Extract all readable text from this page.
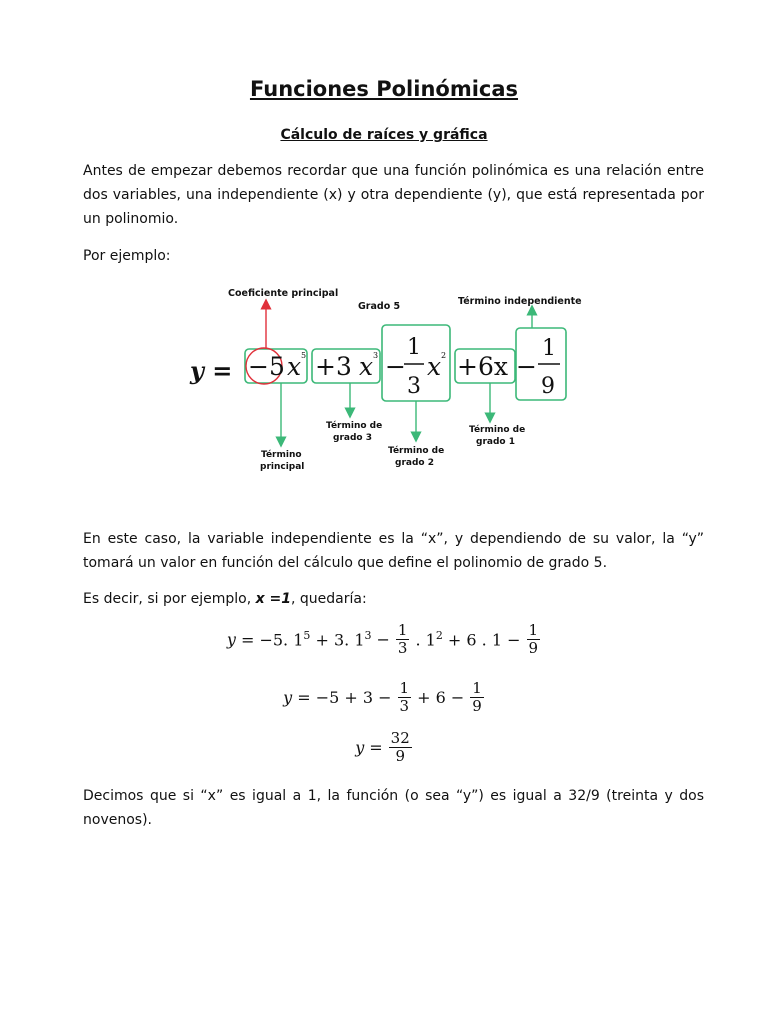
Funciones Polinómicas
Cálculo de raíces y gráfica
Antes de empezar debemos recordar que una función polinómica es una relación entre dos variables, una independiente (x) y otra dependiente (y), que está representada por un polinomio.
Por ejemplo:
Coeficiente principal
Grado 5	Término independiente
y = −5 x 5 +3 x 3 −
1
3
x 2 +6x −
1
9
Término
principal
Término de
grado 3
Término de
grado 2
Término de
grado 1
En este caso, la variable independiente es la “x”, y dependiendo de su valor, la “y” tomará un valor en función del cálculo que define el polinomio de grado 5.
Es decir, si por ejemplo, x =1, quedaría:
y = −5. $1^5 + 3$. $1^3 - \frac{1}{3}$ . $1^2 + 6$ . $1 - \frac{1}{9}$
$y = -5 + 3 - \frac{1}{3} + 6 - \frac{1}{9}$
$y = \frac{32}{9}$
Decimos que si “x” es igual a 1, la función (o sea “y”) es igual a 32/9 (treinta y dos novenos).
